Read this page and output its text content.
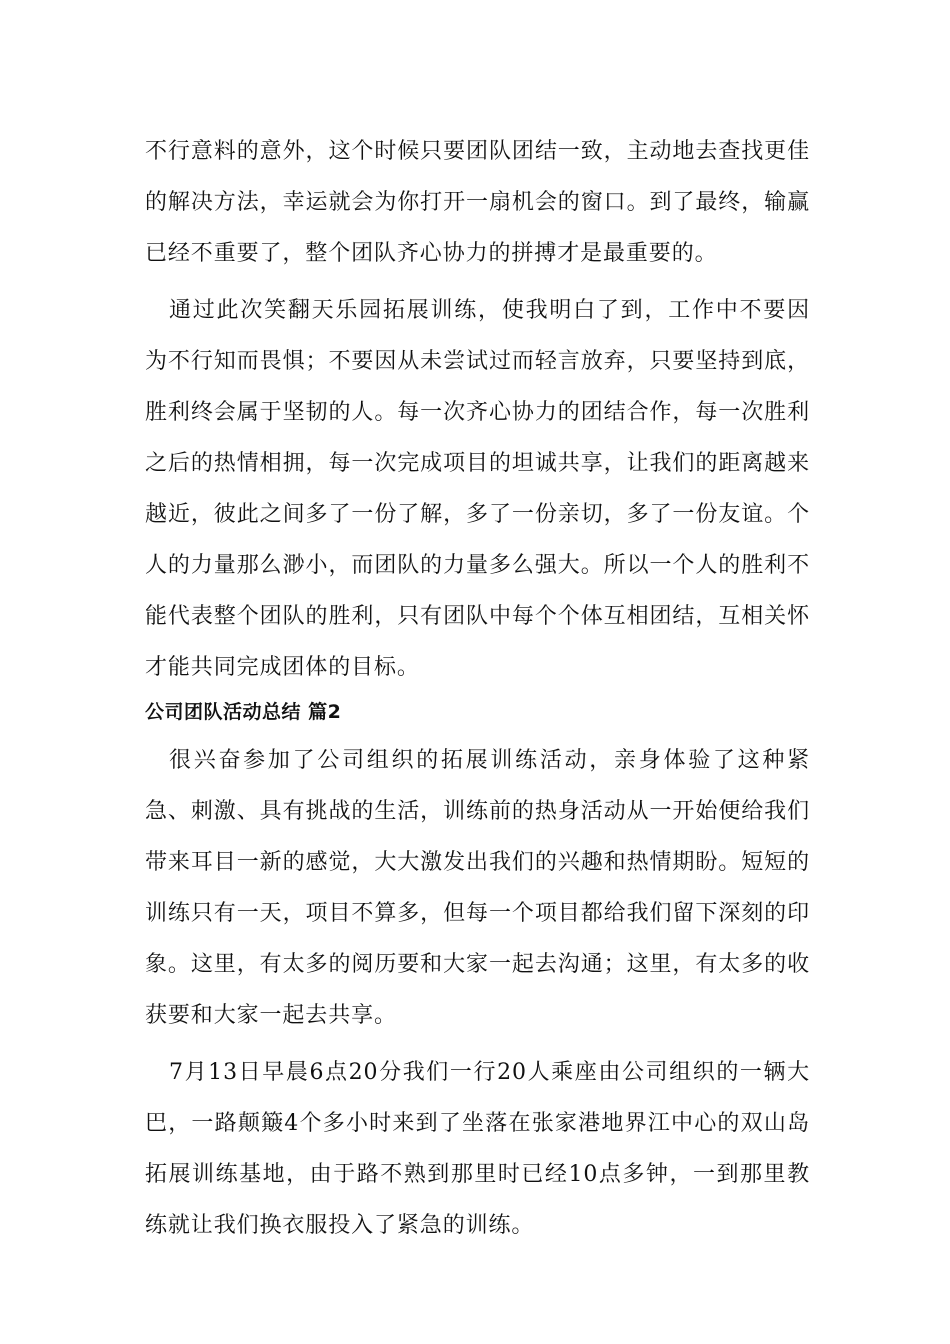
不行意料的意外，这个时候只要团队团结一致，主动地去查找更佳的解决方法，幸运就会为你打开一扇机会的窗口。到了最终，输赢已经不重要了，整个团队齐心协力的拼搏才是最重要的。

通过此次笑翻天乐园拓展训练，使我明白了到，工作中不要因为不行知而畏惧；不要因从未尝试过而轻言放弃，只要坚持到底，胜利终会属于坚韧的人。每一次齐心协力的团结合作，每一次胜利之后的热情相拥，每一次完成项目的坦诚共享，让我们的距离越来越近，彼此之间多了一份了解，多了一份亲切，多了一份友谊。个人的力量那么渺小，而团队的力量多么强大。所以一个人的胜利不能代表整个团队的胜利，只有团队中每个个体互相团结，互相关怀才能共同完成团体的目标。

公司团队活动总结 篇2

很兴奋参加了公司组织的拓展训练活动，亲身体验了这种紧急、刺激、具有挑战的生活，训练前的热身活动从一开始便给我们带来耳目一新的感觉，大大激发出我们的兴趣和热情期盼。短短的训练只有一天，项目不算多，但每一个项目都给我们留下深刻的印象。这里，有太多的阅历要和大家一起去沟通；这里，有太多的收获要和大家一起去共享。

7月13日早晨6点20分我们一行20人乘座由公司组织的一辆大巴，一路颠簸4个多小时来到了坐落在张家港地界江中心的双山岛拓展训练基地，由于路不熟到那里时已经10点多钟，一到那里教练就让我们换衣服投入了紧急的训练。
